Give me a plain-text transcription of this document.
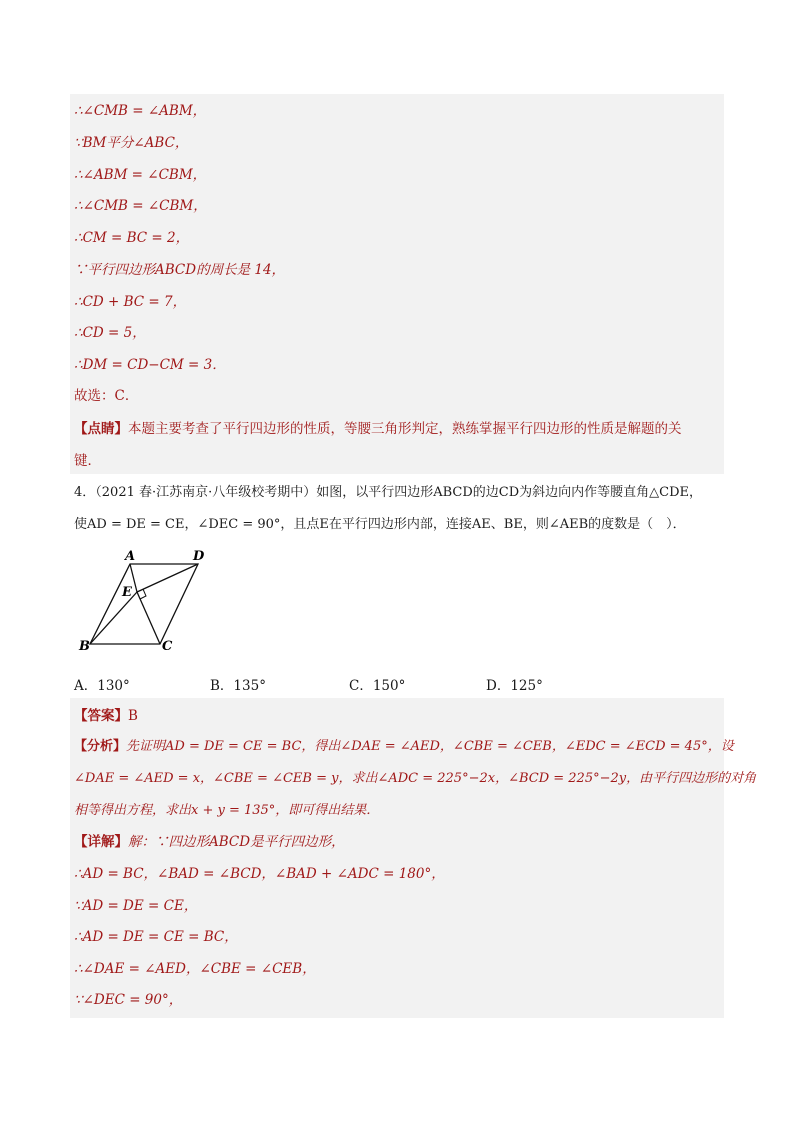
∴∠CMB = ∠ABM，
∵BM平分∠ABC，
∴∠ABM = ∠CBM，
∴∠CMB = ∠CBM，
∴CM = BC = 2，
∵平行四边形ABCD的周长是 14，
∴CD + BC = 7，
∴CD = 5，
∴DM = CD−CM = 3．
故选：C．
【点睛】本题主要考查了平行四边形的性质，等腰三角形判定，熟练掌握平行四边形的性质是解题的关
键．
4．（2021 春·江苏南京·八年级校考期中）如图，以平行四边形ABCD的边CD为斜边向内作等腰直角△CDE，
使AD = DE = CE，∠DEC = 90°，且点E在平行四边形内部，连接AE、BE，则∠AEB的度数是（　）．
A	D
E
B	C
A．130°	B．135°	C．150°	D．125°
【答案】B
【分析】先证明AD = DE = CE = BC，得出∠DAE = ∠AED，∠CBE = ∠CEB，∠EDC = ∠ECD = 45°，设
∠DAE = ∠AED = x，∠CBE = ∠CEB = y，求出∠ADC = 225°−2x，∠BCD = 225°−2y，由平行四边形的对角
相等得出方程，求出x + y = 135°，即可得出结果．
【详解】解：∵四边形ABCD是平行四边形，
∴AD = BC，∠BAD = ∠BCD，∠BAD + ∠ADC = 180°，
∵AD = DE = CE，
∴AD = DE = CE = BC，
∴∠DAE = ∠AED，∠CBE = ∠CEB，
∵∠DEC = 90°，
